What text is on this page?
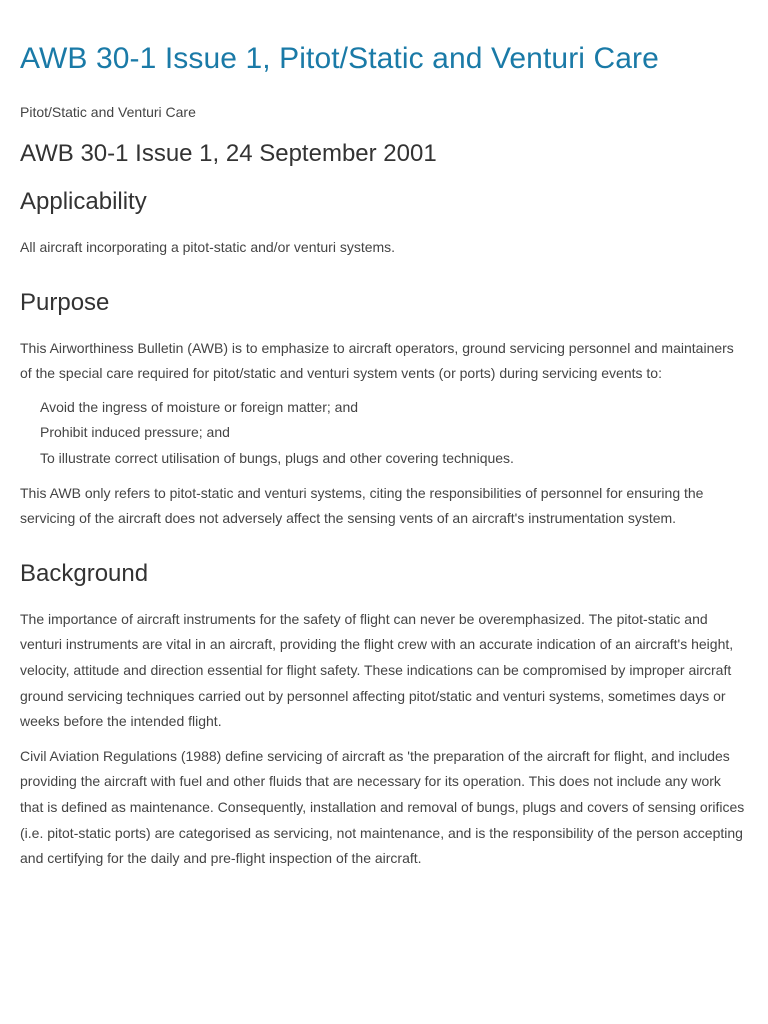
AWB 30-1 Issue 1, Pitot/Static and Venturi Care
Pitot/Static and Venturi Care
AWB 30-1 Issue 1, 24 September 2001
Applicability

All aircraft incorporating a pitot-static and/or venturi systems.

Purpose

This Airworthiness Bulletin (AWB) is to emphasize to aircraft operators, ground servicing personnel and maintainers of the special care required for pitot/static and venturi system vents (or ports) during servicing events to:

Avoid the ingress of moisture or foreign matter; and
Prohibit induced pressure; and
To illustrate correct utilisation of bungs, plugs and other covering techniques.

This AWB only refers to pitot-static and venturi systems, citing the responsibilities of personnel for ensuring the servicing of the aircraft does not adversely affect the sensing vents of an aircraft's instrumentation system.

Background

The importance of aircraft instruments for the safety of flight can never be overemphasized. The pitot-static and venturi instruments are vital in an aircraft, providing the flight crew with an accurate indication of an aircraft's height, velocity, attitude and direction essential for flight safety. These indications can be compromised by improper aircraft ground servicing techniques carried out by personnel affecting pitot/static and venturi systems, sometimes days or weeks before the intended flight.

Civil Aviation Regulations (1988) define servicing of aircraft as 'the preparation of the aircraft for flight, and includes providing the aircraft with fuel and other fluids that are necessary for its operation. This does not include any work that is defined as maintenance. Consequently, installation and removal of bungs, plugs and covers of sensing orifices (i.e. pitot-static ports) are categorised as servicing, not maintenance, and is the responsibility of the person accepting and certifying for the daily and pre-flight inspection of the aircraft.
